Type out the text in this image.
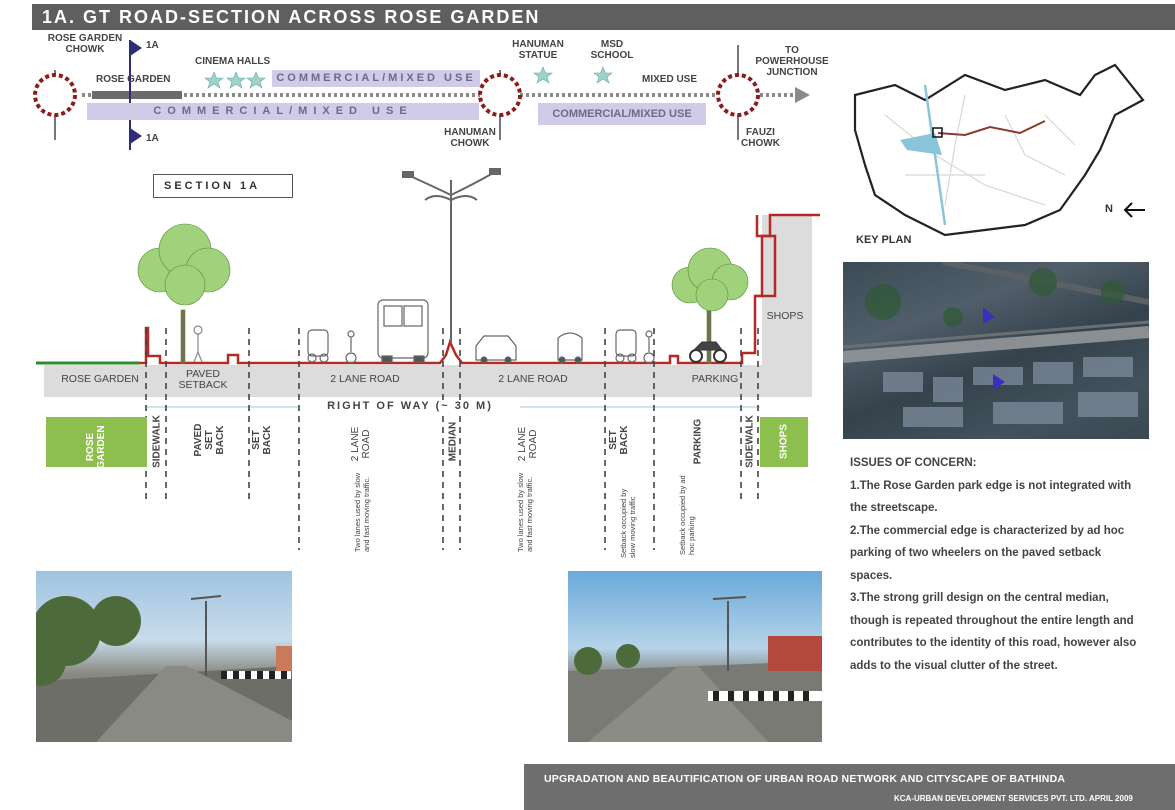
1A. GT ROAD-SECTION ACROSS ROSE GARDEN
COMMERCIAL/MIXED USE
COMMERCIAL/MIXED USE	COMMERCIAL/MIXED USE
ROSE GARDEN
CHOWK	1A
1A
CINEMA HALLS
ROSE GARDEN
HANUMAN
STATUE
MSD
SCHOOL
MIXED USE
TO
POWERHOUSE
JUNCTION
HANUMAN
CHOWK
FAUZI
CHOWK
SECTION 1A
ROSE GARDEN	PAVED
SETBACK	2 LANE ROAD	2 LANE ROAD	PARKING
SHOPS
RIGHT OF WAY (~ 30 M)
ROSE
GARDEN	SIDEWALK	PAVED
SET
BACK	SET
BACK
2 LANE
ROAD	MEDIAN	2 LANE
ROAD	SET
BACK	PARKING	SIDEWALK SHOPS
Two lanes used by slow and fast moving traffic.	Two lanes used by slow and fast moving traffic.	Setback occupied by slow moving traffic	Setback occupied by ad hoc parking
N
KEY PLAN
ISSUES OF CONCERN:
1.The Rose Garden park edge is not integrated with the streetscape.
2.The commercial edge is characterized by ad hoc parking of two wheelers on the paved setback spaces.
3.The strong grill design on the central median, though is repeated throughout the entire length and contributes to the identity of this road, however also adds to the visual clutter of the street.
UPGRADATION AND BEAUTIFICATION OF URBAN ROAD NETWORK AND CITYSCAPE OF BATHINDA
KCA-URBAN DEVELOPMENT SERVICES PVT. LTD. APRIL 2009
